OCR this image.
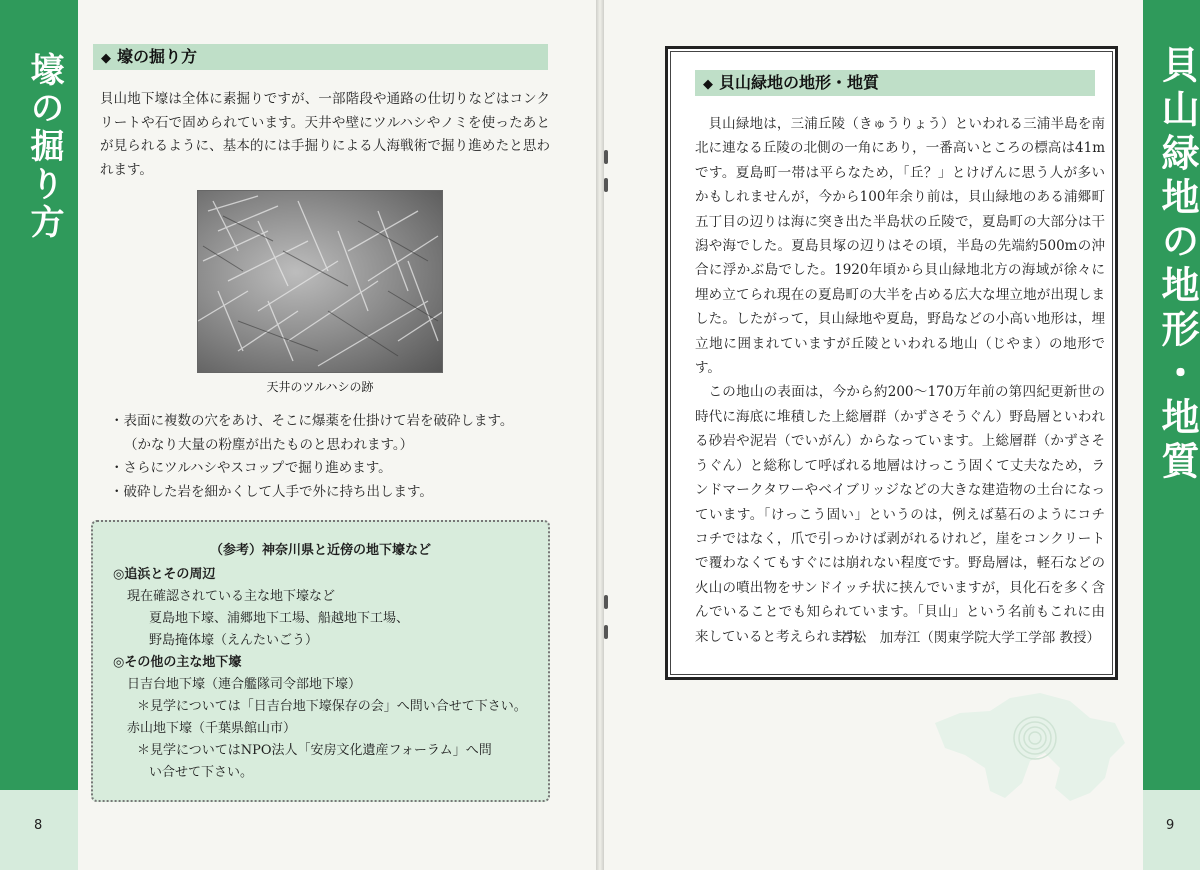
壕の掘り方
8
◆ 壕の掘り方

貝山地下壕は全体に素掘りですが、一部階段や通路の仕切りなどはコンクリートや石で固められています。天井や壁にツルハシやノミを使ったあとが見られるように、基本的には手掘りによる人海戦術で掘り進めたと思われます。

天井のツルハシの跡
・表面に複数の穴をあけ、そこに爆薬を仕掛けて岩を破砕します。
（かなり大量の粉塵が出たものと思われます。）
・さらにツルハシやスコップで掘り進めます。
・破砕した岩を細かくして人手で外に持ち出します。
（参考）神奈川県と近傍の地下壕など
◎追浜とその周辺
現在確認されている主な地下壕など
夏島地下壕、浦郷地下工場、船越地下工場、
野島掩体壕（えんたいごう）
◎その他の主な地下壕
日吉台地下壕（連合艦隊司令部地下壕）
＊見学については「日吉台地下壕保存の会」へ問い合せて下さい。
赤山地下壕（千葉県館山市）
＊見学についてはNPO法人「安房文化遺産フォーラム」へ問
い合せて下さい。
貝山緑地の地形・地質
9
◆ 貝山緑地の地形・地質

貝山緑地は，三浦丘陵（きゅうりょう）といわれる三浦半島を南北に連なる丘陵の北側の一角にあり，一番高いところの標高は41mです。夏島町一帯は平らなため，「丘？」とけげんに思う人が多いかもしれませんが，今から100年余り前は，貝山緑地のある浦郷町五丁目の辺りは海に突き出た半島状の丘陵で，夏島町の大部分は干潟や海でした。夏島貝塚の辺りはその頃，半島の先端約500mの沖合に浮かぶ島でした。1920年頃から貝山緑地北方の海域が徐々に埋め立てられ現在の夏島町の大半を占める広大な埋立地が出現しました。したがって，貝山緑地や夏島，野島などの小高い地形は，埋立地に囲まれていますが丘陵といわれる地山（じやま）の地形です。

この地山の表面は，今から約200～170万年前の第四紀更新世の時代に海底に堆積した上総層群（かずさそうぐん）野島層といわれる砂岩や泥岩（でいがん）からなっています。上総層群（かずさそうぐん）と総称して呼ばれる地層はけっこう固くて丈夫なため，ランドマークタワーやベイブリッジなどの大きな建造物の土台になっています。「けっこう固い」というのは，例えば墓石のようにコチコチではなく，爪で引っかけば剥がれるけれど，崖をコンクリートで覆わなくてもすぐには崩れない程度です。野島層は，軽石などの火山の噴出物をサンドイッチ状に挟んでいますが，貝化石を多く含んでいることでも知られています。「貝山」という名前もこれに由来していると考えられます。

若松　加寿江（関東学院大学工学部 教授）
